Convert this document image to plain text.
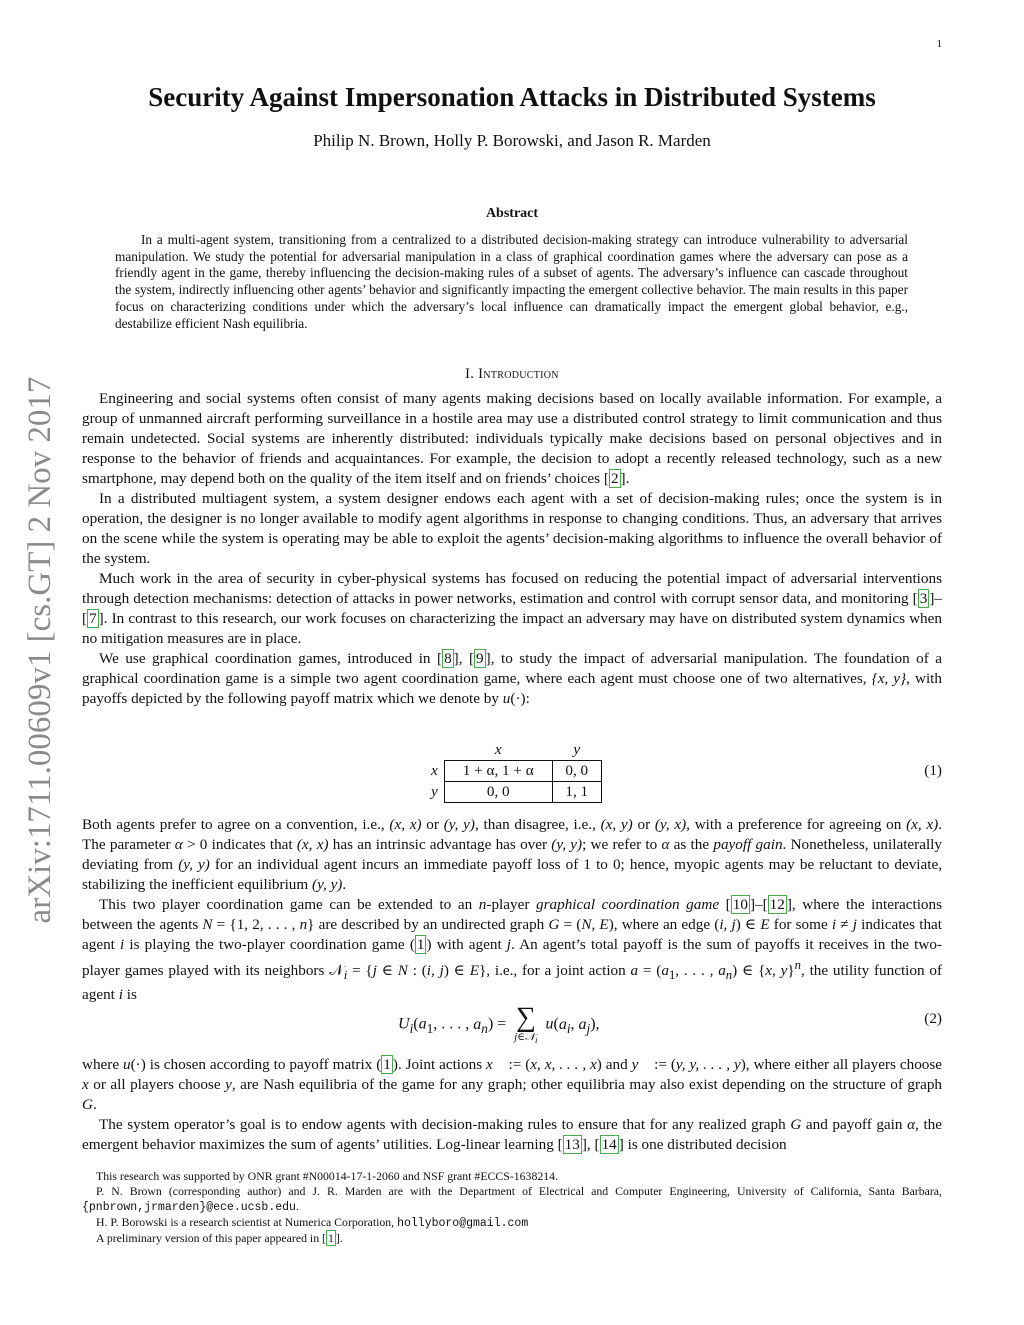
1
arXiv:1711.00609v1 [cs.GT] 2 Nov 2017
Security Against Impersonation Attacks in Distributed Systems
Philip N. Brown, Holly P. Borowski, and Jason R. Marden
Abstract
In a multi-agent system, transitioning from a centralized to a distributed decision-making strategy can introduce vulnerability to adversarial manipulation. We study the potential for adversarial manipulation in a class of graphical coordination games where the adversary can pose as a friendly agent in the game, thereby influencing the decision-making rules of a subset of agents. The adversary’s influence can cascade throughout the system, indirectly influencing other agents’ behavior and significantly impacting the emergent collective behavior. The main results in this paper focus on characterizing conditions under which the adversary’s local influence can dramatically impact the emergent global behavior, e.g., destabilize efficient Nash equilibria.
I. Introduction

Engineering and social systems often consist of many agents making decisions based on locally available information. For example, a group of unmanned aircraft performing surveillance in a hostile area may use a distributed control strategy to limit communication and thus remain undetected. Social systems are inherently distributed: individuals typically make decisions based on personal objectives and in response to the behavior of friends and acquaintances. For example, the decision to adopt a recently released technology, such as a new smartphone, may depend both on the quality of the item itself and on friends’ choices [ 2 ].

In a distributed multiagent system, a system designer endows each agent with a set of decision-making rules; once the system is in operation, the designer is no longer available to modify agent algorithms in response to changing conditions. Thus, an adversary that arrives on the scene while the system is operating may be able to exploit the agents’ decision-making algorithms to influence the overall behavior of the system.

Much work in the area of security in cyber-physical systems has focused on reducing the potential impact of adversarial interventions through detection mechanisms: detection of attacks in power networks, estimation and control with corrupt sensor data, and monitoring [ 3 ]–[ 7 ]. In contrast to this research, our work focuses on characterizing the impact an adversary may have on distributed system dynamics when no mitigation measures are in place.

We use graphical coordination games, introduced in [ 8 ], [ 9 ], to study the impact of adversarial manipulation. The foundation of a graphical coordination game is a simple two agent coordination game, where each agent must choose one of two alternatives, {x, y}, with payoffs depicted by the following payoff matrix which we denote by u(·):

	x	y
x	1 + α, 1 + α	0, 0
y	0, 0	1, 1
(1)

Both agents prefer to agree on a convention, i.e., (x, x) or (y, y), than disagree, i.e., (x, y) or (y, x), with a preference for agreeing on (x, x). The parameter α > 0 indicates that (x, x) has an intrinsic advantage has over (y, y); we refer to α as the payoff gain. Nonetheless, unilaterally deviating from (y, y) for an individual agent incurs an immediate payoff loss of 1 to 0; hence, myopic agents may be reluctant to deviate, stabilizing the inefficient equilibrium (y, y).

This two player coordination game can be extended to an n-player graphical coordination game [ 10 ]–[ 12 ], where the interactions between the agents N = {1, 2, . . . , n} are described by an undirected graph G = (N, E), where an edge (i, j) ∈ E for some i ≠ j indicates that agent i is playing the two-player coordination game ( 1 ) with agent j. An agent’s total payoff is the sum of payoffs it receives in the two-player games played with its neighbors 𝒩$_i$ = {j ∈ N : (i, j) ∈ E}, i.e., for a joint action $a = (a_1$, . . . , $a_n$) ∈ {x, y}$^n$, the utility function of agent i is

$U_i(a_1$, . . . , $a_n$) = ∑
j∈𝒩$_i$
$u(a_i$, $a_j$),	(2)

where u(·) is chosen according to payoff matrix ( 1 ). Joint actions x⃗ := (x, x, . . . , x) and y⃗ := (y, y, . . . , y), where either all players choose x or all players choose y, are Nash equilibria of the game for any graph; other equilibria may also exist depending on the structure of graph G.

The system operator’s goal is to endow agents with decision-making rules to ensure that for any realized graph G and payoff gain α, the emergent behavior maximizes the sum of agents’ utilities. Log-linear learning [ 13 ], [ 14 ] is one distributed decision

This research was supported by ONR grant #N00014-17-1-2060 and NSF grant #ECCS-1638214.

P. N. Brown (corresponding author) and J. R. Marden are with the Department of Electrical and Computer Engineering, University of California, Santa Barbara, {pnbrown,jrmarden}@ece.ucsb.edu.

H. P. Borowski is a research scientist at Numerica Corporation, hollyboro@gmail.com

A preliminary version of this paper appeared in [ 1 ].
